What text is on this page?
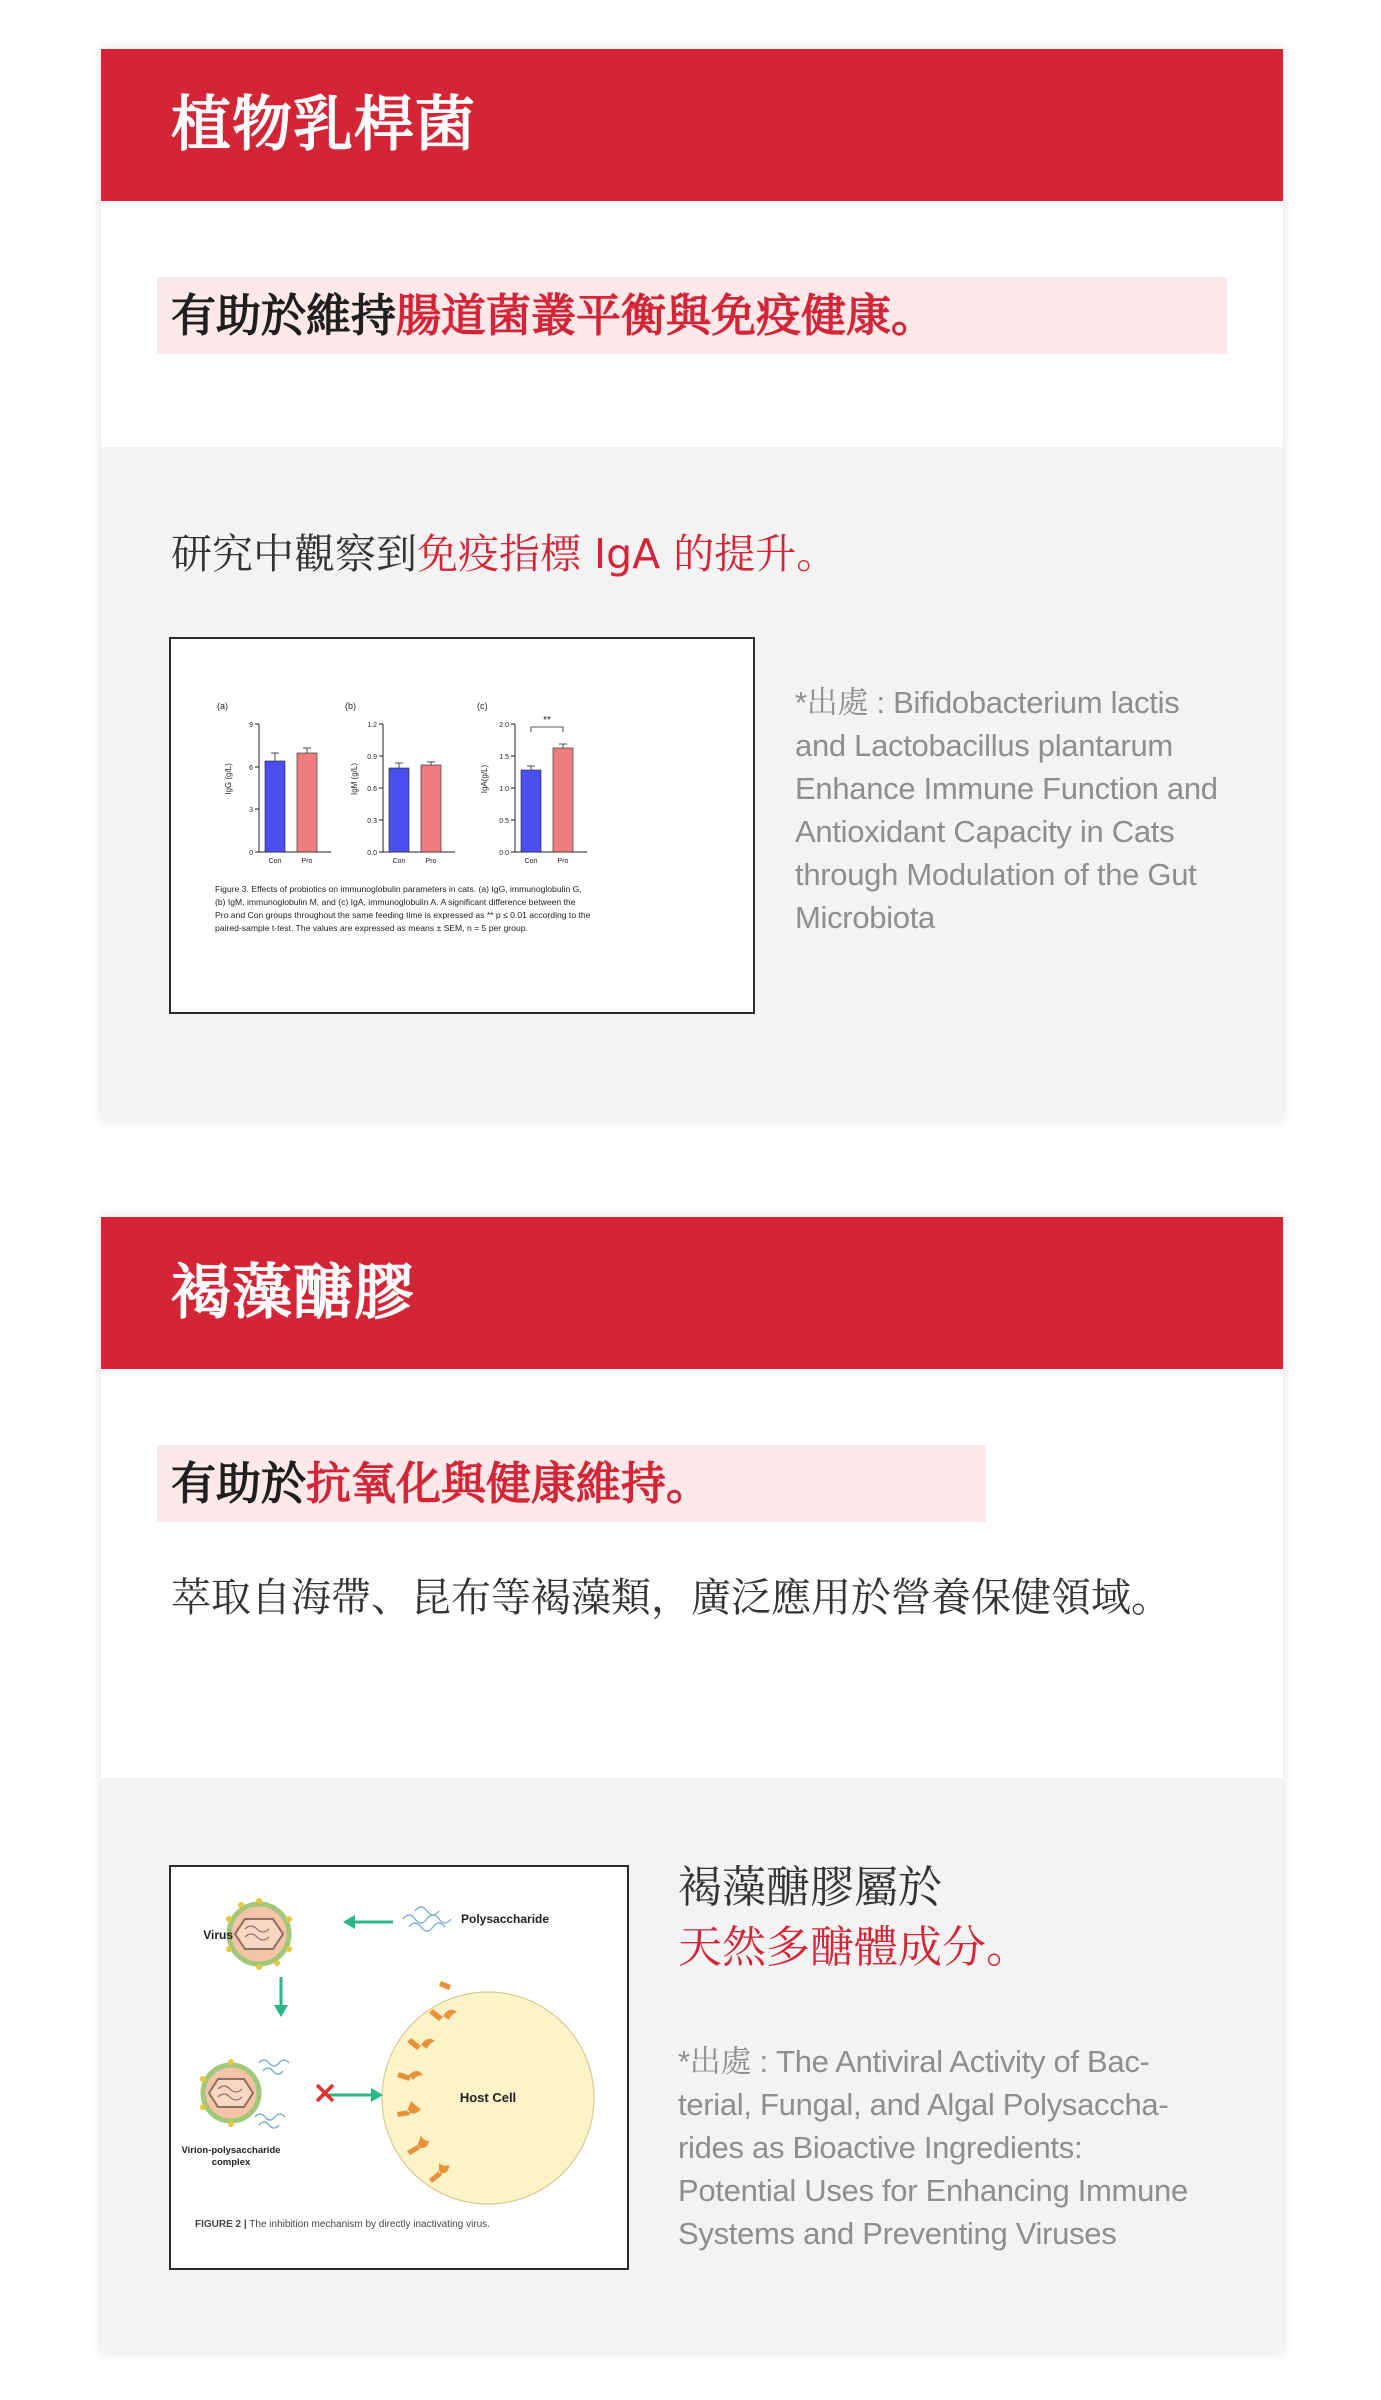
植物乳桿菌
有助於維持腸道菌叢平衡與免疫健康。
研究中觀察到免疫指標 IgA 的提升。
(a)	(b)	(c)
IgG (g/L)	IgM (g/L)	IgA(g/L)
9
6
3
0
Con	Pro
1.2
0.9
0.6
0.3
0.0
Con	Pro
2.0
1.5
1.0
0.5
0.0
**
Con	Pro
Figure 3. Effects of probiotics on immunoglobulin parameters in cats. (a) IgG, immunoglobulin G,
(b) IgM, immunoglobulin M, and (c) IgA, immunoglobulin A. A significant difference between the
Pro and Con groups throughout the same feeding time is expressed as ** p ≤ 0.01 according to the
paired-sample t-test. The values are expressed as means ± SEM, n = 5 per group.
*出處 : Bifidobacterium lactis and Lactobacillus plantarum Enhance Immune Function and Antioxidant Capacity in Cats through Modulation of the Gut Microbiota
褐藻醣膠
有助於抗氧化與健康維持。
萃取自海帶、昆布等褐藻類，廣泛應用於營養保健領域。
Host Cell
Virus
Polysaccharide
Virion-polysaccharide
complex
FIGURE 2 | The inhibition mechanism by directly inactivating virus.
褐藻醣膠屬於
天然多醣體成分。
*出處 : The Antiviral Activity of Bac-terial, Fungal, and Algal Polysaccha-rides as Bioactive Ingredients: Potential Uses for Enhancing Immune Systems and Preventing Viruses
